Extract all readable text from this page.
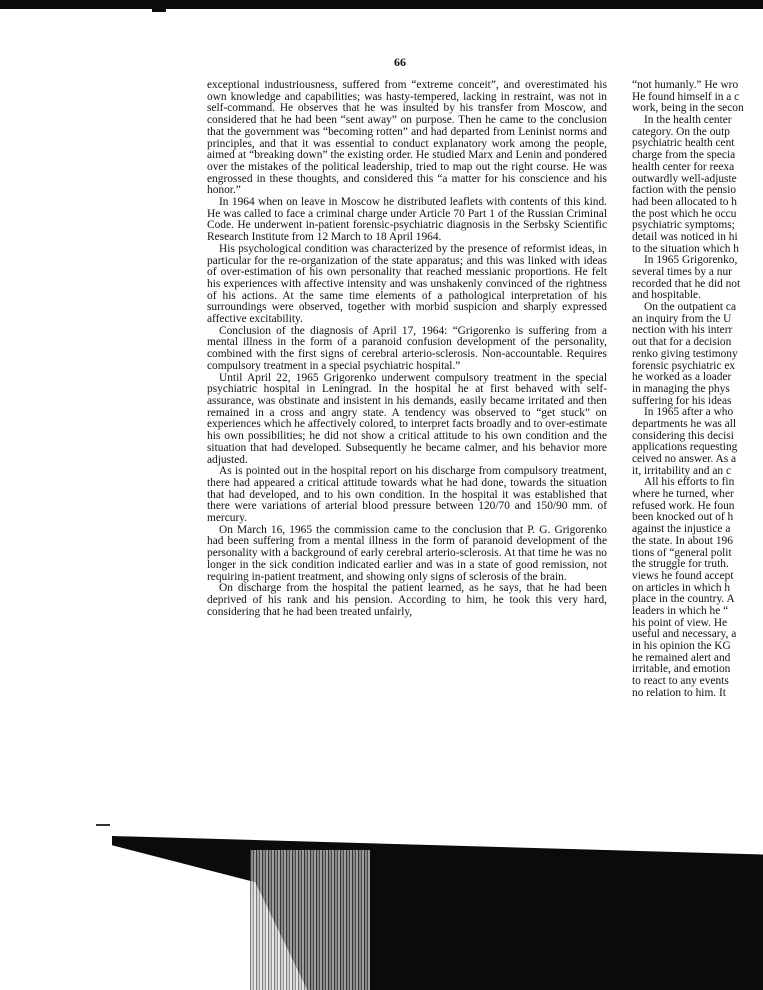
66

exceptional industriousness, suffered from “extreme conceit”, and overestimated his own knowledge and capabilities; was hasty-tempered, lacking in restraint, was not in self-command. He observes that he was insulted by his transfer from Moscow, and considered that he had been “sent away” on purpose. Then he came to the conclusion that the government was “becoming rotten” and had departed from Leninist norms and principles, and that it was essential to conduct explanatory work among the people, aimed at “breaking down” the existing order. He studied Marx and Lenin and pondered over the mistakes of the political leadership, tried to map out the right course. He was engrossed in these thoughts, and considered this “a matter for his conscience and his honor.”

In 1964 when on leave in Moscow he distributed leaflets with contents of this kind. He was called to face a criminal charge under Article 70 Part 1 of the Russian Criminal Code. He underwent in-patient forensic-psychiatric diagnosis in the Serbsky Scientific Research Institute from 12 March to 18 April 1964.

His psychological condition was characterized by the presence of reformist ideas, in particular for the re-organization of the state apparatus; and this was linked with ideas of over-estimation of his own personality that reached messianic proportions. He felt his experiences with affective intensity and was unshakenly convinced of the rightness of his actions. At the same time elements of a pathological interpretation of his surroundings were observed, together with morbid suspicion and sharply expressed affective excitability.

Conclusion of the diagnosis of April 17, 1964: “Grigorenko is suffering from a mental illness in the form of a paranoid confusion development of the personality, combined with the first signs of cerebral arterio-sclerosis. Non-accountable. Requires compulsory treatment in a special psychiatric hospital.”

Until April 22, 1965 Grigorenko underwent compulsory treatment in the special psychiatric hospital in Leningrad. In the hospital he at first behaved with self-assurance, was obstinate and insistent in his demands, easily became irritated and then remained in a cross and angry state. A tendency was observed to “get stuck” on experiences which he affectively colored, to interpret facts broadly and to over-estimate his own possibilities; he did not show a critical attitude to his own condition and the situation that had developed. Subsequently he became calmer, and his behavior more adjusted.

As is pointed out in the hospital report on his discharge from compulsory treatment, there had appeared a critical attitude towards what he had done, towards the situation that had developed, and to his own condition. In the hospital it was established that there were variations of arterial blood pressure between 120/70 and 150/90 mm. of mercury.

On March 16, 1965 the commission came to the conclusion that P. G. Grigorenko had been suffering from a mental illness in the form of paranoid development of the personality with a background of early cerebral arterio-sclerosis. At that time he was no longer in the sick condition indicated earlier and was in a state of good remission, not requiring in-patient treatment, and showing only signs of sclerosis of the brain.

On discharge from the hospital the patient learned, as he says, that he had been deprived of his rank and his pension. According to him, he took this very hard, considering that he had been treated unfairly,

“not humanly.” He wro
He found himself in a c
work, being in the secon
In the health center
category. On the outp
psychiatric health cent
charge from the specia
health center for reexa
outwardly well-adjuste
faction with the pensio
had been allocated to h
the post which he occu
psychiatric symptoms;
detail was noticed in hi
to the situation which h
In 1965 Grigorenko,
several times by a nur
recorded that he did not
and hospitable.
On the outpatient ca
an inquiry from the U
nection with his interr
out that for a decision
renko giving testimony
forensic psychiatric ex
he worked as a loader
in managing the phys
suffering for his ideas
In 1965 after a who
departments he was all
considering this decisi
applications requesting
ceived no answer. As a
it, irritability and an c
All his efforts to fin
where he turned, wher
refused work. He foun
been knocked out of h
against the injustice a
the state. In about 196
tions of “general polit
the struggle for truth.
views he found accept
on articles in which h
place in the country. A
leaders in which he “
his point of view. He
useful and necessary, a
in his opinion the KG
he remained alert and
irritable, and emotion
to react to any events
no relation to him. It
